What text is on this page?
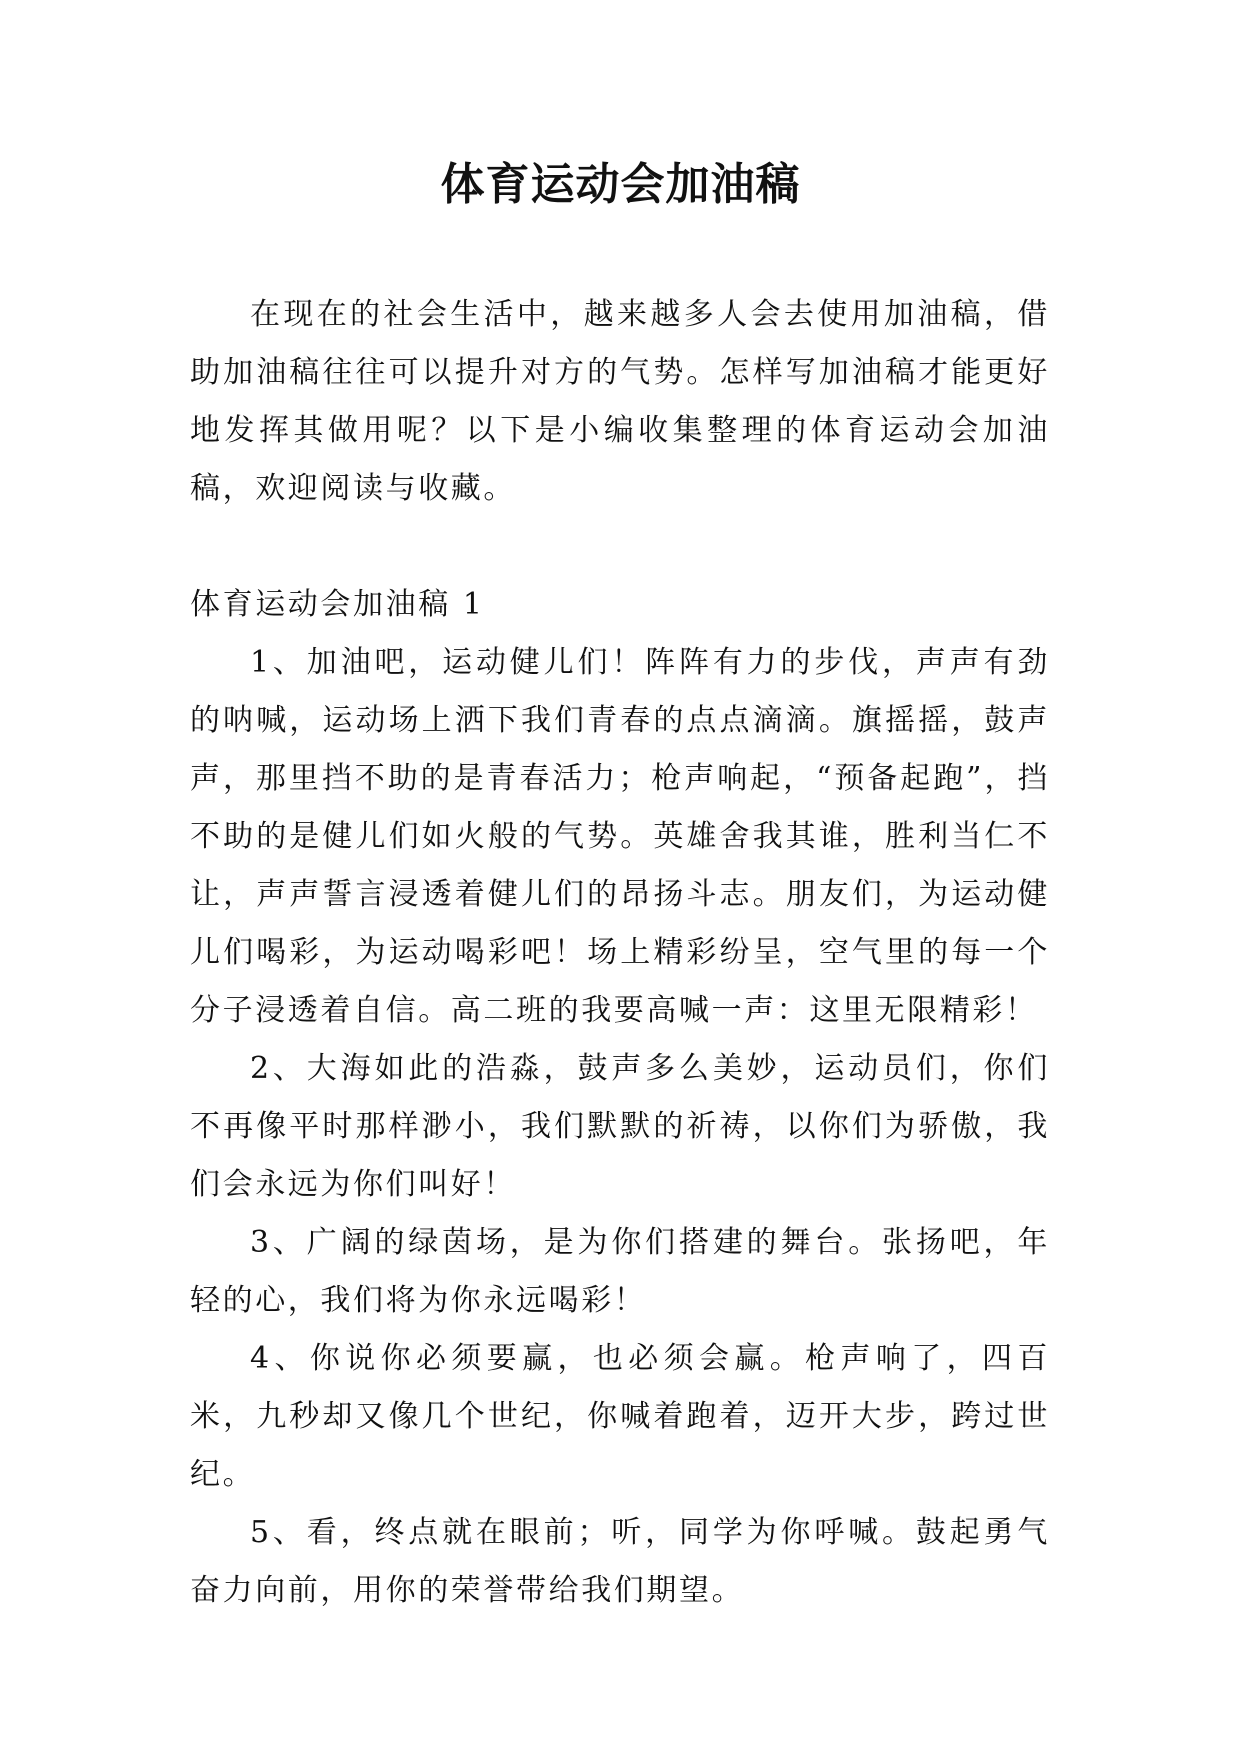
体育运动会加油稿

在现在的社会生活中，越来越多人会去使用加油稿，借助加油稿往往可以提升对方的气势。怎样写加油稿才能更好地发挥其做用呢？以下是小编收集整理的体育运动会加油稿，欢迎阅读与收藏。

体育运动会加油稿 1

1、加油吧，运动健儿们！阵阵有力的步伐，声声有劲的呐喊，运动场上洒下我们青春的点点滴滴。旗摇摇，鼓声声，那里挡不助的是青春活力；枪声响起，“预备起跑”，挡不助的是健儿们如火般的气势。英雄舍我其谁，胜利当仁不让，声声誓言浸透着健儿们的昂扬斗志。朋友们，为运动健儿们喝彩，为运动喝彩吧！场上精彩纷呈，空气里的每一个分子浸透着自信。高二班的我要高喊一声：这里无限精彩！

2、大海如此的浩淼，鼓声多么美妙，运动员们，你们不再像平时那样渺小，我们默默的祈祷，以你们为骄傲，我们会永远为你们叫好！

3、广阔的绿茵场，是为你们搭建的舞台。张扬吧，年轻的心，我们将为你永远喝彩！

4、你说你必须要赢，也必须会赢。枪声响了，四百米，九秒却又像几个世纪，你喊着跑着，迈开大步，跨过世纪。

5、看，终点就在眼前；听，同学为你呼喊。鼓起勇气奋力向前，用你的荣誉带给我们期望。
